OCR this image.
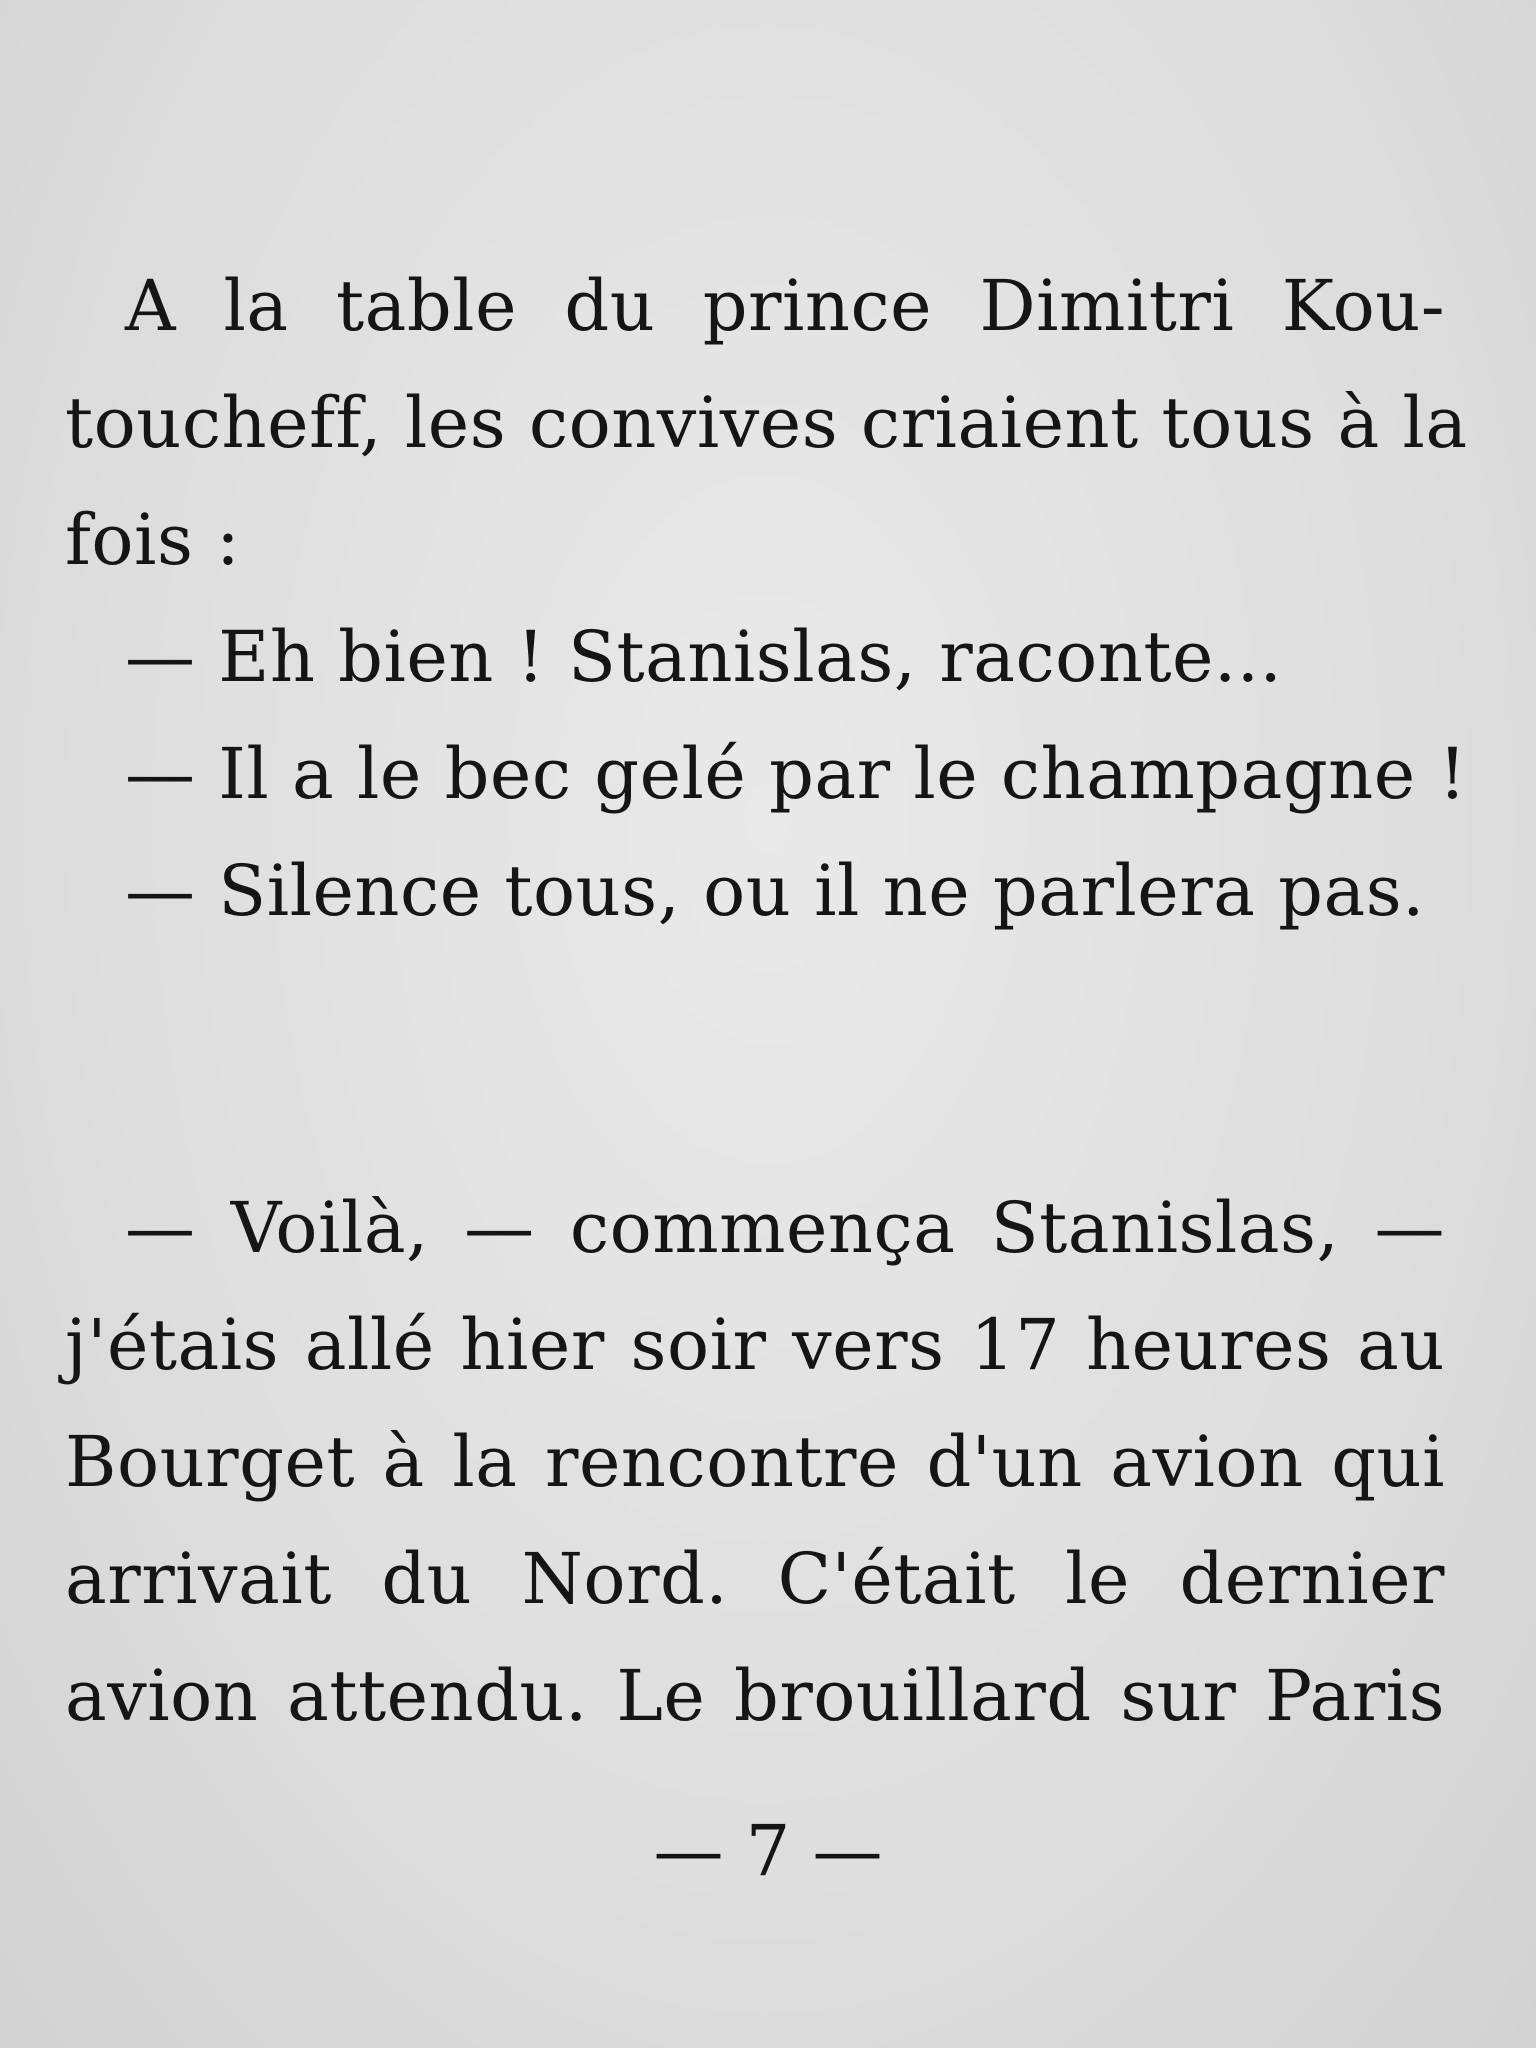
A la table du prince Dimitri Kou-
toucheff, les convives criaient tous à la
fois :
— Eh bien ! Stanislas, raconte...
— Il a le bec gelé par le champagne !
— Silence tous, ou il ne parlera pas.
— Voilà, — commença Stanislas, —
j'étais allé hier soir vers 17 heures au
Bourget à la rencontre d'un avion qui
arrivait du Nord. C'était le dernier
avion attendu. Le brouillard sur Paris
— 7 —
